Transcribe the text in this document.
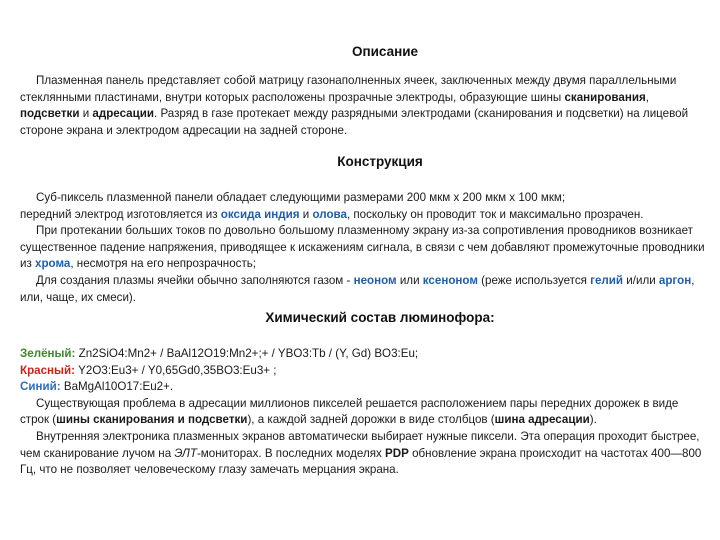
Описание

Плазменная панель представляет собой матрицу газонаполненных ячеек, заключенных между двумя параллельными стеклянными пластинами, внутри которых расположены прозрачные электроды, образующие шины сканирования, подсветки и адресации. Разряд в газе протекает между разрядными электродами (сканирования и подсветки) на лицевой стороне экрана и электродом адресации на задней стороне.

Конструкция

Суб-пиксель плазменной панели обладает следующими размерами 200 мкм х 200 мкм х 100 мкм;

передний электрод изготовляется из оксида индия и олова, поскольку он проводит ток и максимально прозрачен.

При протекании больших токов по довольно большому плазменному экрану из-за сопротивления проводников возникает существенное падение напряжения, приводящее к искажениям сигнала, в связи с чем добавляют промежуточные проводники из хрома, несмотря на его непрозрачность;

Для создания плазмы ячейки обычно заполняются газом - неоном или ксеноном (реже используется гелий и/или аргон, или, чаще, их смеси).

Химический состав люминофора:

Зелёный: Zn2SiO4:Mn2+ / BaAl12O19:Mn2+;+ / YBO3:Tb / (Y, Gd) BO3:Eu;

Красный: Y2O3:Eu3+ / Y0,65Gd0,35BO3:Eu3+ ;

Синий: BaMgAl10O17:Eu2+.

Существующая проблема в адресации миллионов пикселей решается расположением пары передних дорожек в виде строк (шины сканирования и подсветки), а каждой задней дорожки в виде столбцов (шина адресации).

Внутренняя электроника плазменных экранов автоматически выбирает нужные пиксели. Эта операция проходит быстрее, чем сканирование лучом на ЭЛТ-мониторах. В последних моделях PDP обновление экрана происходит на частотах 400—800 Гц, что не позволяет человеческому глазу замечать мерцания экрана.
